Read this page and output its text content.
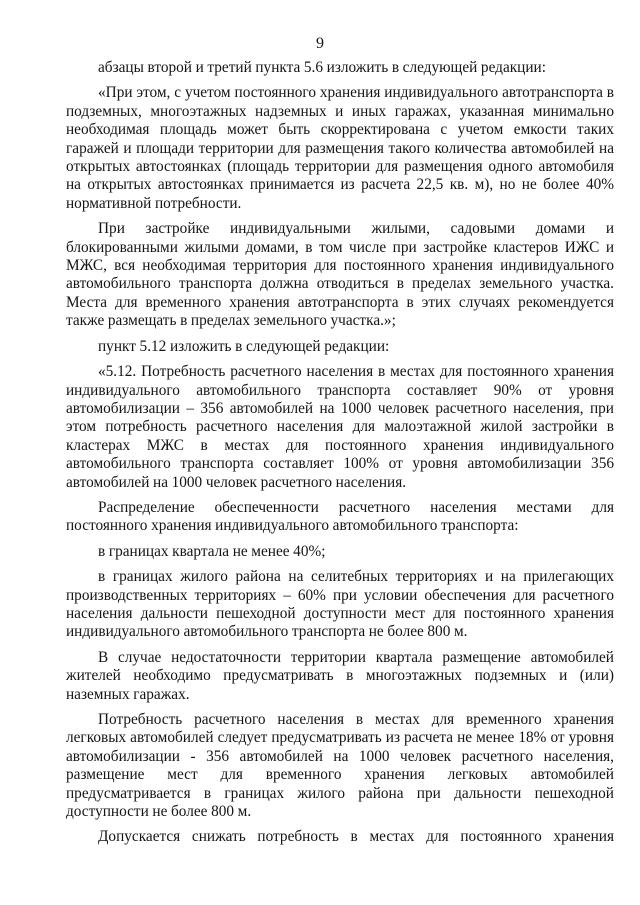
9

абзацы второй и третий пункта 5.6 изложить в следующей редакции:

«При этом, с учетом постоянного хранения индивидуального автотранспорта в подземных, многоэтажных надземных и иных гаражах, указанная минимально необходимая площадь может быть скорректирована с учетом емкости таких гаражей и площади территории для размещения такого количества автомобилей на открытых автостоянках (площадь территории для размещения одного автомобиля на открытых автостоянках принимается из расчета 22,5 кв. м), но не более 40% нормативной потребности.

При застройке индивидуальными жилыми, садовыми домами и блокированными жилыми домами, в том числе при застройке кластеров ИЖС и МЖС, вся необходимая территория для постоянного хранения индивидуального автомобильного транспорта должна отводиться в пределах земельного участка. Места для временного хранения автотранспорта в этих случаях рекомендуется также размещать в пределах земельного участка.»;

пункт 5.12 изложить в следующей редакции:

«5.12. Потребность расчетного населения в местах для постоянного хранения индивидуального автомобильного транспорта составляет 90% от уровня автомобилизации – 356 автомобилей на 1000 человек расчетного населения, при этом потребность расчетного населения для малоэтажной жилой застройки в кластерах МЖС в местах для постоянного хранения индивидуального автомобильного транспорта составляет 100% от уровня автомобилизации 356 автомобилей на 1000 человек расчетного населения.

Распределение обеспеченности расчетного населения местами для постоянного хранения индивидуального автомобильного транспорта:

в границах квартала не менее 40%;

в границах жилого района на селитебных территориях и на прилегающих производственных территориях – 60% при условии обеспечения для расчетного населения дальности пешеходной доступности мест для постоянного хранения индивидуального автомобильного транспорта не более 800 м.

В случае недостаточности территории квартала размещение автомобилей жителей необходимо предусматривать в многоэтажных подземных и (или) наземных гаражах.

Потребность расчетного населения в местах для временного хранения легковых автомобилей следует предусматривать из расчета не менее 18% от уровня автомобилизации - 356 автомобилей на 1000 человек расчетного населения, размещение мест для временного хранения легковых автомобилей предусматривается в границах жилого района при дальности пешеходной доступности не более 800 м.

Допускается снижать потребность в местах для постоянного хранения
